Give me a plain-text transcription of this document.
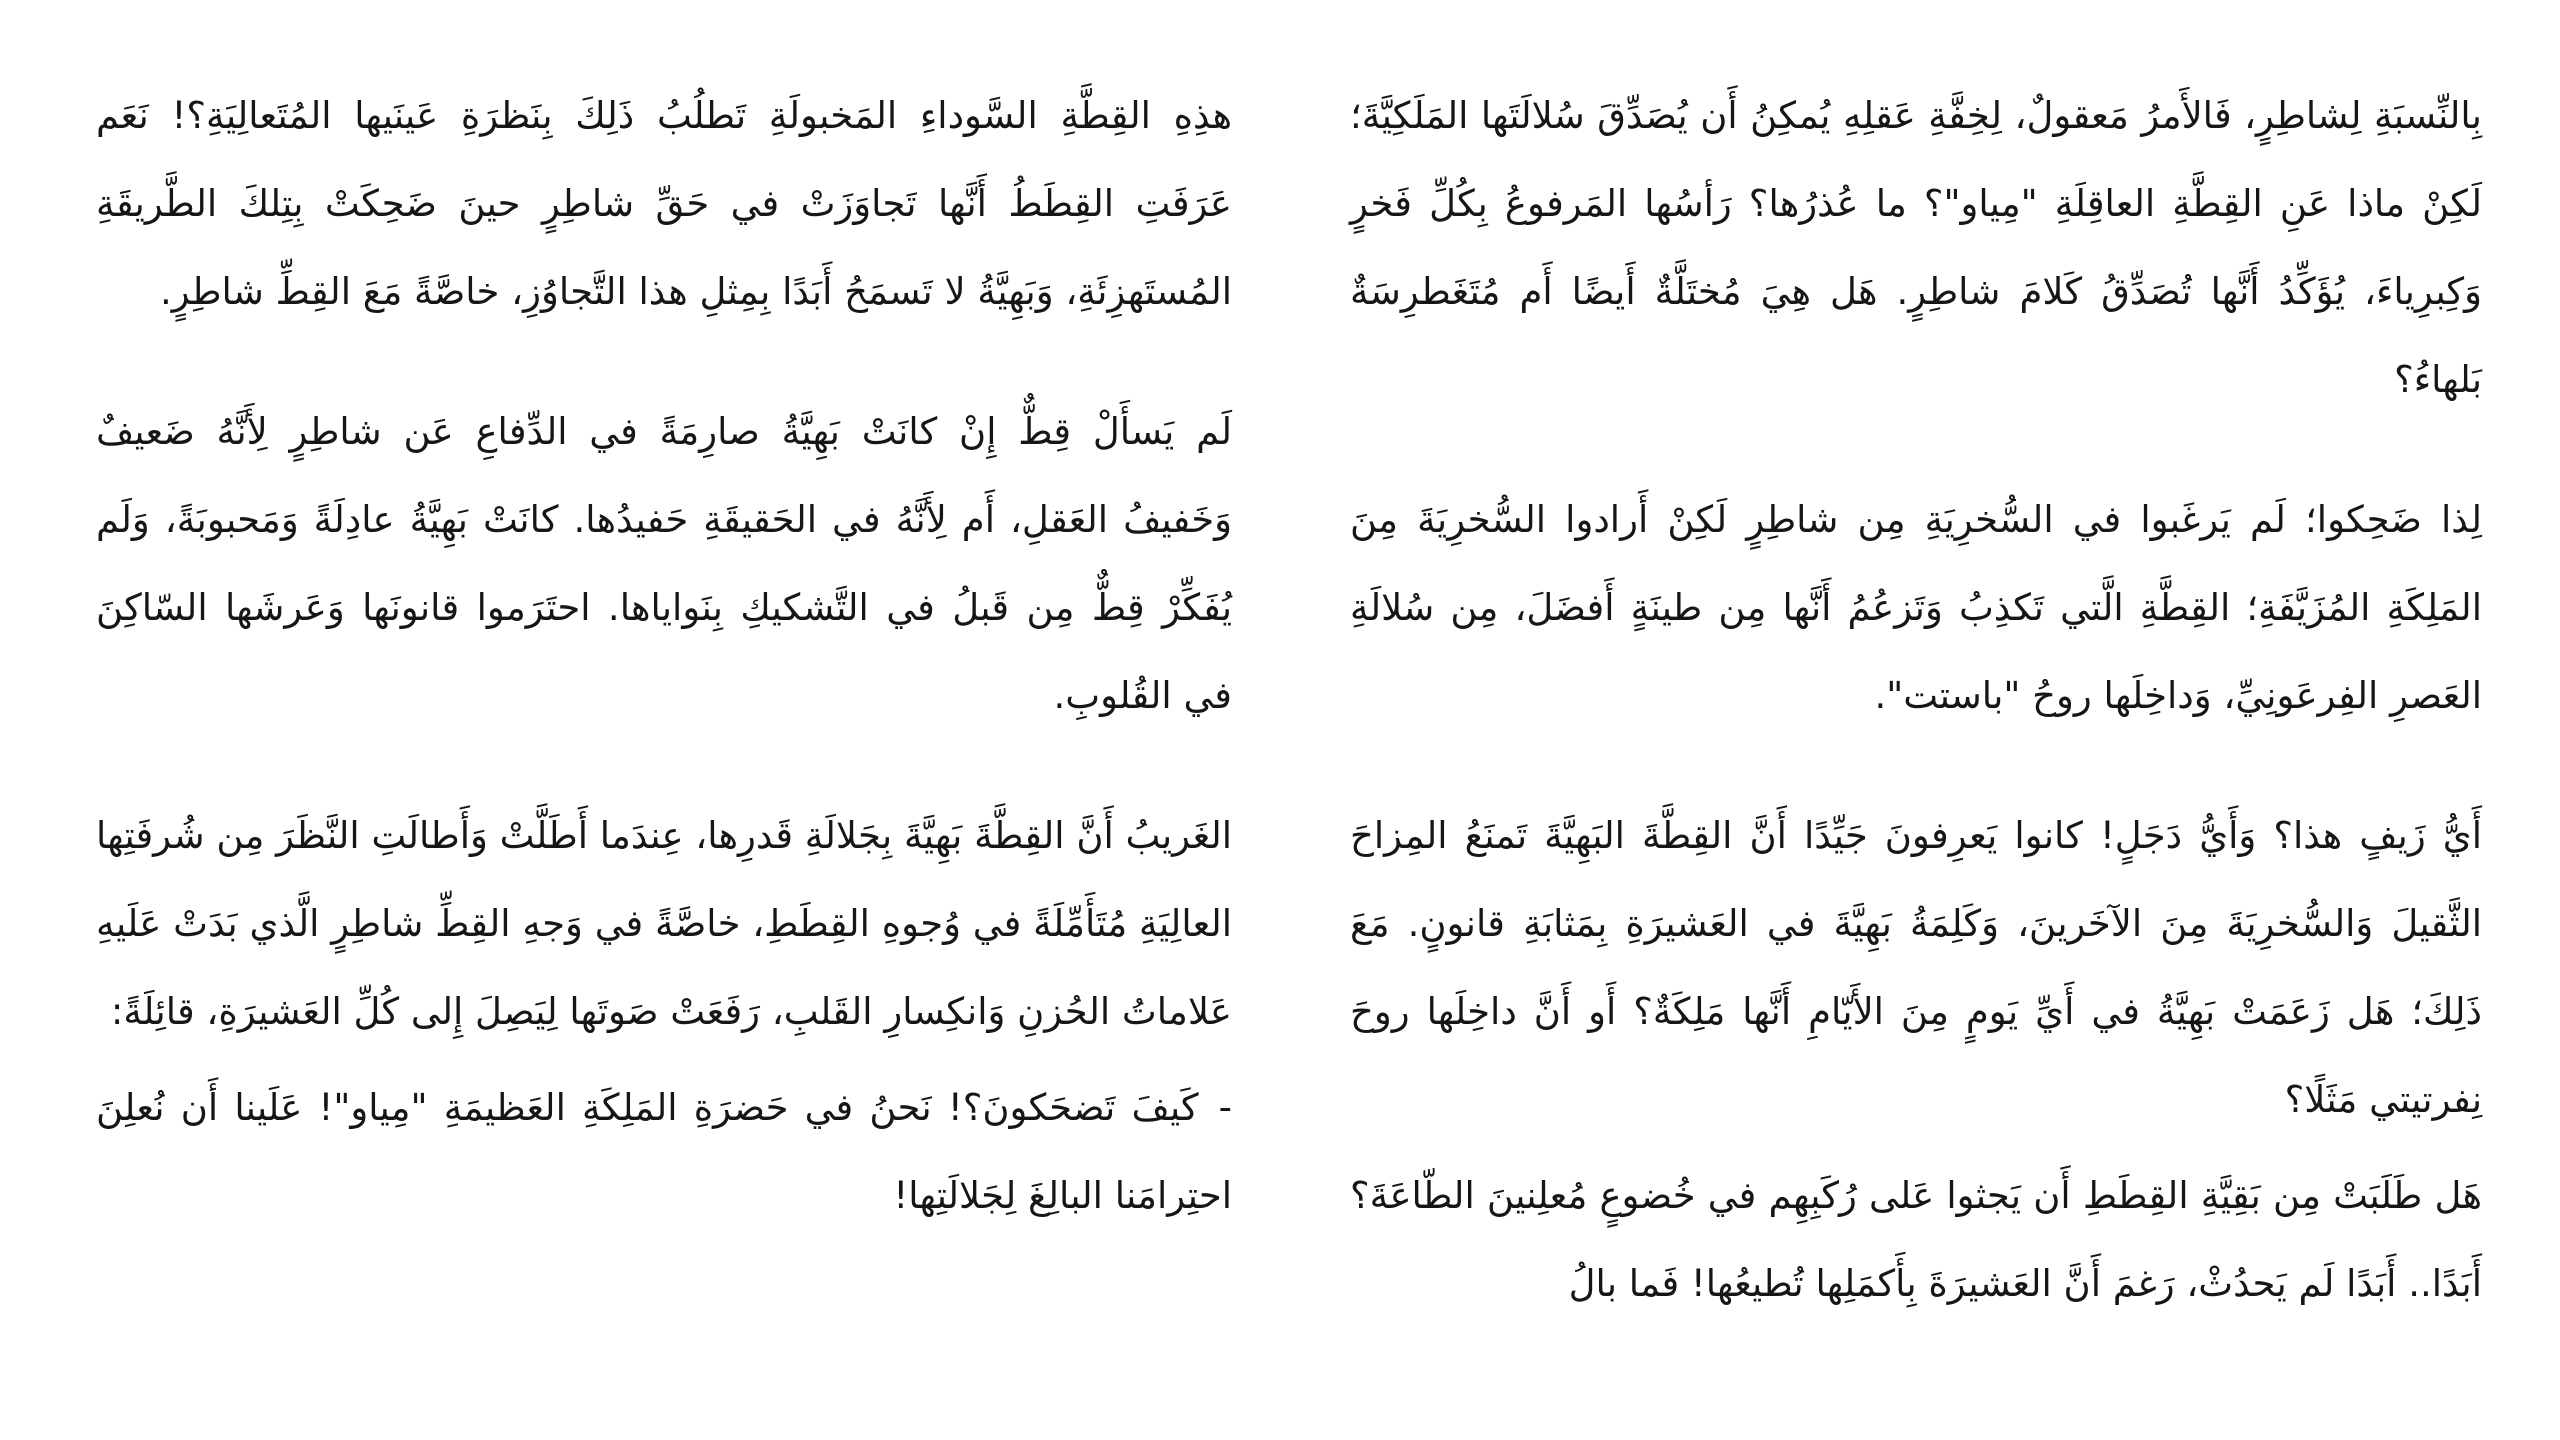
بِالنِّسبَةِ لِشاطِرٍ، فَالأَمرُ مَعقولٌ، لِخِفَّةِ عَقلِهِ يُمكِنُ أَن يُصَدِّقَ سُلالَتَها المَلَكِيَّةَ؛ لَكِنْ ماذا عَنِ القِطَّةِ العاقِلَةِ "مِياو"؟ ما عُذرُها؟ رَأسُها المَرفوعُ بِكُلِّ فَخرٍ وَكِبرِياءَ، يُؤَكِّدُ أَنَّها تُصَدِّقُ كَلامَ شاطِرٍ. هَل هِيَ مُختَلَّةٌ أَيضًا أَم مُتَغَطرِسَةٌ بَلهاءُ؟

لِذا ضَحِكوا؛ لَم يَرغَبوا في السُّخرِيَةِ مِن شاطِرٍ لَكِنْ أَرادوا السُّخرِيَةَ مِنَ المَلِكَةِ المُزَيَّفَةِ؛ القِطَّةِ الَّتي تَكذِبُ وَتَزعُمُ أَنَّها مِن طينَةٍ أَفضَلَ، مِن سُلالَةِ العَصرِ الفِرعَونِيِّ، وَداخِلَها روحُ "باستت".

أَيُّ زَيفٍ هذا؟ وَأَيُّ دَجَلٍ! كانوا يَعرِفونَ جَيِّدًا أَنَّ القِطَّةَ البَهِيَّةَ تَمنَعُ المِزاحَ الثَّقيلَ وَالسُّخرِيَةَ مِنَ الآخَرينَ، وَكَلِمَةُ بَهِيَّةَ في العَشيرَةِ بِمَثابَةِ قانونٍ. مَعَ ذَلِكَ؛ هَل زَعَمَتْ بَهِيَّةُ في أَيِّ يَومٍ مِنَ الأَيّامِ أَنَّها مَلِكَةٌ؟ أَو أَنَّ داخِلَها روحَ نِفرتيتي مَثَلًا؟

هَل طَلَبَتْ مِن بَقِيَّةِ القِطَطِ أَن يَجثوا عَلى رُكَبِهِم في خُضوعٍ مُعلِنينَ الطّاعَةَ؟ أَبَدًا.. أَبَدًا لَم يَحدُثْ، رَغمَ أَنَّ العَشيرَةَ بِأَكمَلِها تُطيعُها! فَما بالُ

هذِهِ القِطَّةِ السَّوداءِ المَخبولَةِ تَطلُبُ ذَلِكَ بِنَظرَةِ عَينَيها المُتَعالِيَةِ؟! نَعَم عَرَفَتِ القِطَطُ أَنَّها تَجاوَزَتْ في حَقِّ شاطِرٍ حينَ ضَحِكَتْ بِتِلكَ الطَّريقَةِ المُستَهزِئَةِ، وَبَهِيَّةُ لا تَسمَحُ أَبَدًا بِمِثلِ هذا التَّجاوُزِ، خاصَّةً مَعَ القِطِّ شاطِرٍ.

لَم يَسأَلْ قِطٌّ إِنْ كانَتْ بَهِيَّةُ صارِمَةً في الدِّفاعِ عَن شاطِرٍ لِأَنَّهُ ضَعيفٌ وَخَفيفُ العَقلِ، أَم لِأَنَّهُ في الحَقيقَةِ حَفيدُها. كانَتْ بَهِيَّةُ عادِلَةً وَمَحبوبَةً، وَلَم يُفَكِّرْ قِطٌّ مِن قَبلُ في التَّشكيكِ بِنَواياها. احتَرَموا قانونَها وَعَرشَها السّاكِنَ في القُلوبِ.

الغَريبُ أَنَّ القِطَّةَ بَهِيَّةَ بِجَلالَةِ قَدرِها، عِندَما أَطَلَّتْ وَأَطالَتِ النَّظَرَ مِن شُرفَتِها العالِيَةِ مُتَأَمِّلَةً في وُجوهِ القِطَطِ، خاصَّةً في وَجهِ القِطِّ شاطِرٍ الَّذي بَدَتْ عَلَيهِ عَلاماتُ الحُزنِ وَانكِسارِ القَلبِ، رَفَعَتْ صَوتَها لِيَصِلَ إِلى كُلِّ العَشيرَةِ، قائِلَةً:

-كَيفَ تَضحَكونَ؟! نَحنُ في حَضرَةِ المَلِكَةِ العَظيمَةِ "مِياو"! عَلَينا أَن نُعلِنَ احتِرامَنا البالِغَ لِجَلالَتِها!
